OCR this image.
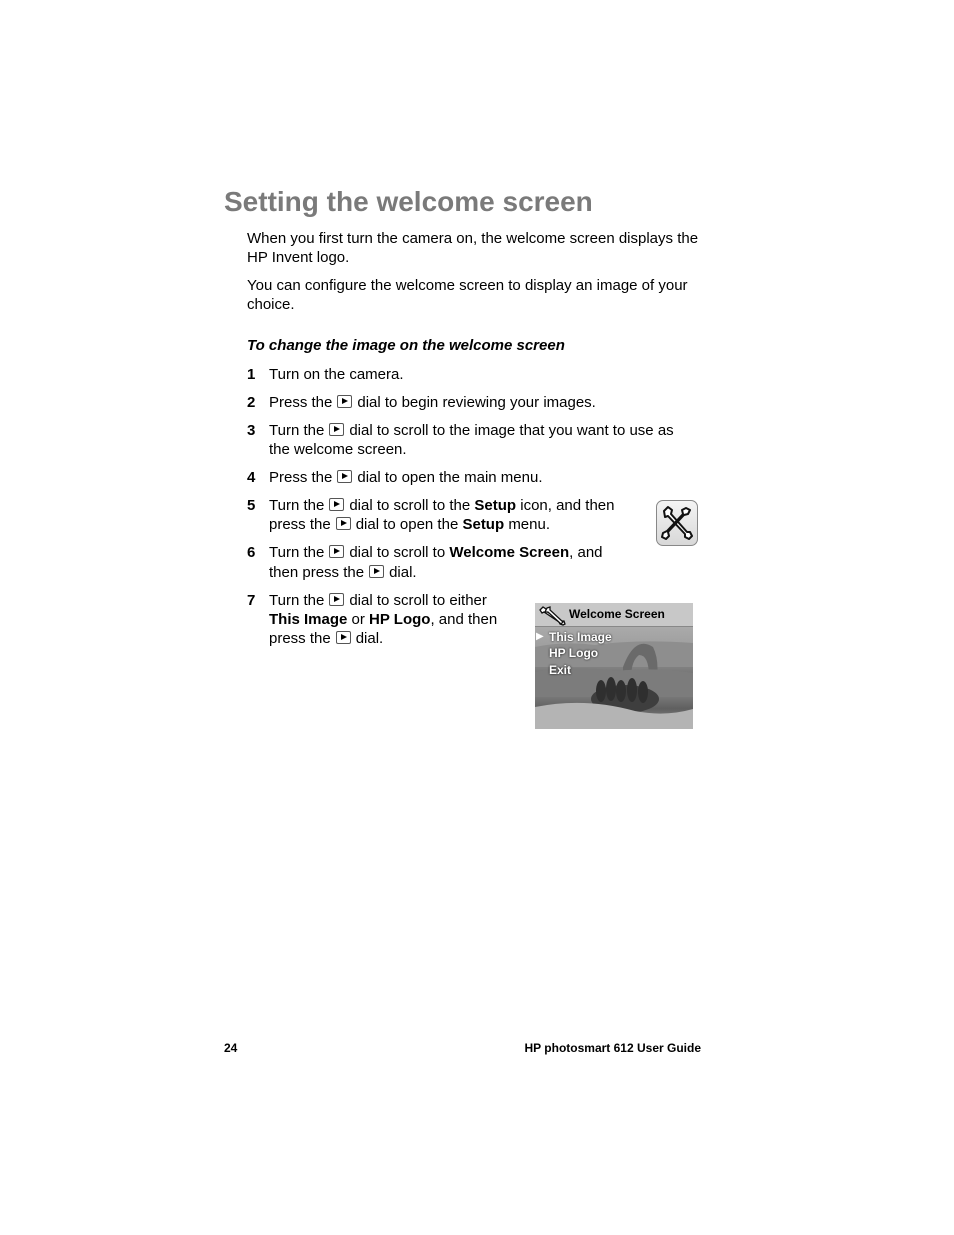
Setting the welcome screen
When you first turn the camera on, the welcome screen displays the HP Invent logo.
You can configure the welcome screen to display an image of your choice.
To change the image on the welcome screen
1 Turn on the camera.
2 Press the dial to begin reviewing your images.
3 Turn the dial to scroll to the image that you want to use as
the welcome screen.
4 Press the dial to open the main menu.
5 Turn the dial to scroll to the Setup icon, and then
press the dial to open the Setup menu.
6 Turn the dial to scroll to Welcome Screen, and
then press the dial.
7 Turn the dial to scroll to either
This Image or HP Logo, and then
press the dial.
Welcome Screen
▶ This Image
HP Logo
Exit
24	HP photosmart 612 User Guide
